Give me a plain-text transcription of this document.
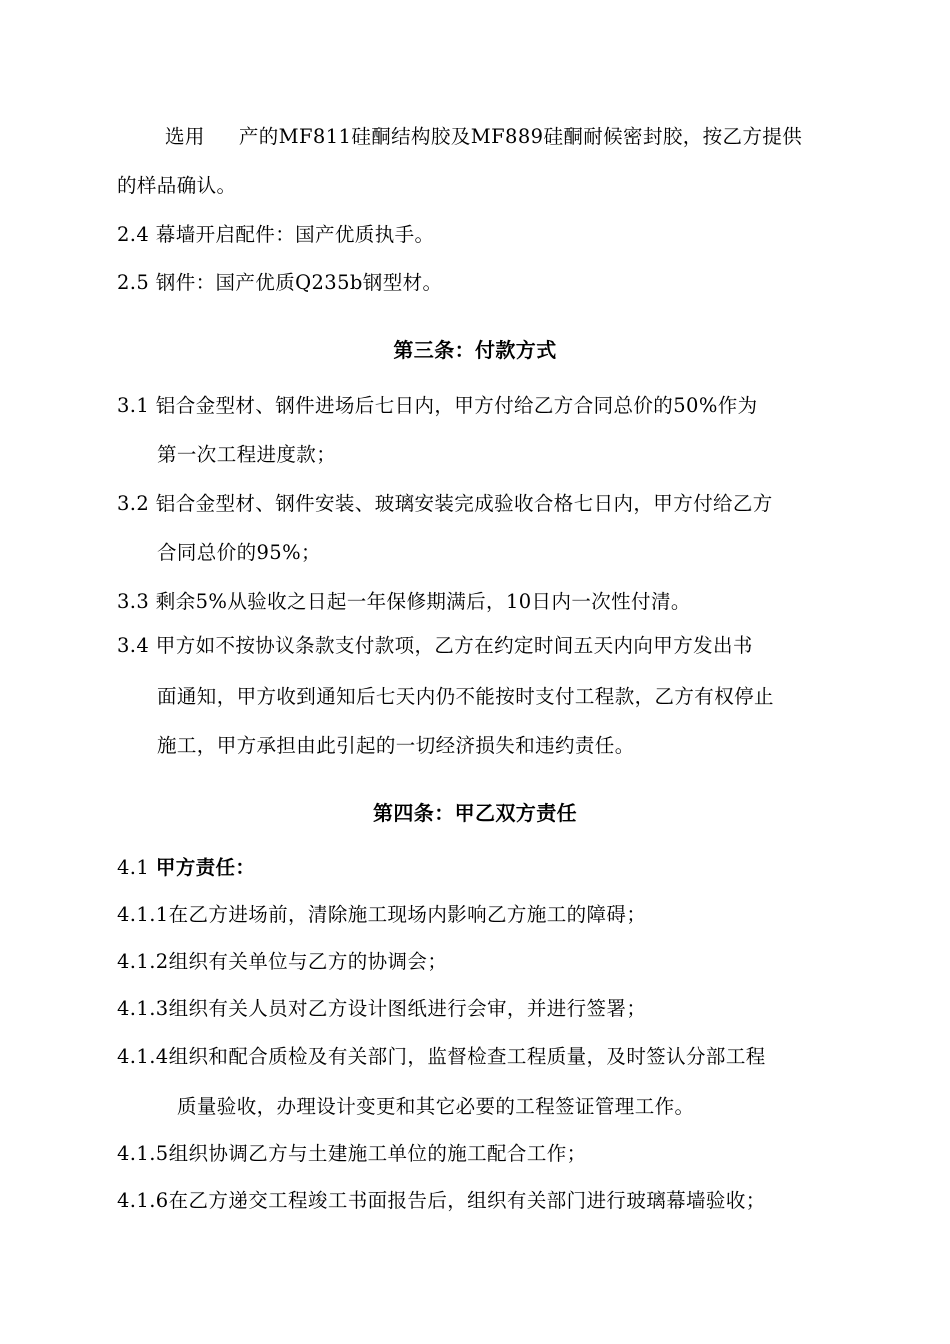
选用 产的MF811硅酮结构胶及MF889硅酮耐候密封胶，按乙方提供
的样品确认。
2.4 幕墙开启配件：国产优质执手。
2.5 钢件：国产优质Q235b钢型材。
第三条：付款方式
3.1 铝合金型材、钢件进场后七日内，甲方付给乙方合同总价的50%作为
第一次工程进度款；
3.2 铝合金型材、钢件安装、玻璃安装完成验收合格七日内，甲方付给乙方
合同总价的95%；
3.3 剩余5%从验收之日起一年保修期满后，10日内一次性付清。
3.4 甲方如不按协议条款支付款项，乙方在约定时间五天内向甲方发出书
面通知，甲方收到通知后七天内仍不能按时支付工程款，乙方有权停止
施工，甲方承担由此引起的一切经济损失和违约责任。
第四条：甲乙双方责任
4.1 甲方责任：
4.1.1在乙方进场前，清除施工现场内影响乙方施工的障碍；
4.1.2组织有关单位与乙方的协调会；
4.1.3组织有关人员对乙方设计图纸进行会审，并进行签署；
4.1.4组织和配合质检及有关部门，监督检查工程质量，及时签认分部工程
质量验收，办理设计变更和其它必要的工程签证管理工作。
4.1.5组织协调乙方与土建施工单位的施工配合工作；
4.1.6在乙方递交工程竣工书面报告后，组织有关部门进行玻璃幕墙验收；
